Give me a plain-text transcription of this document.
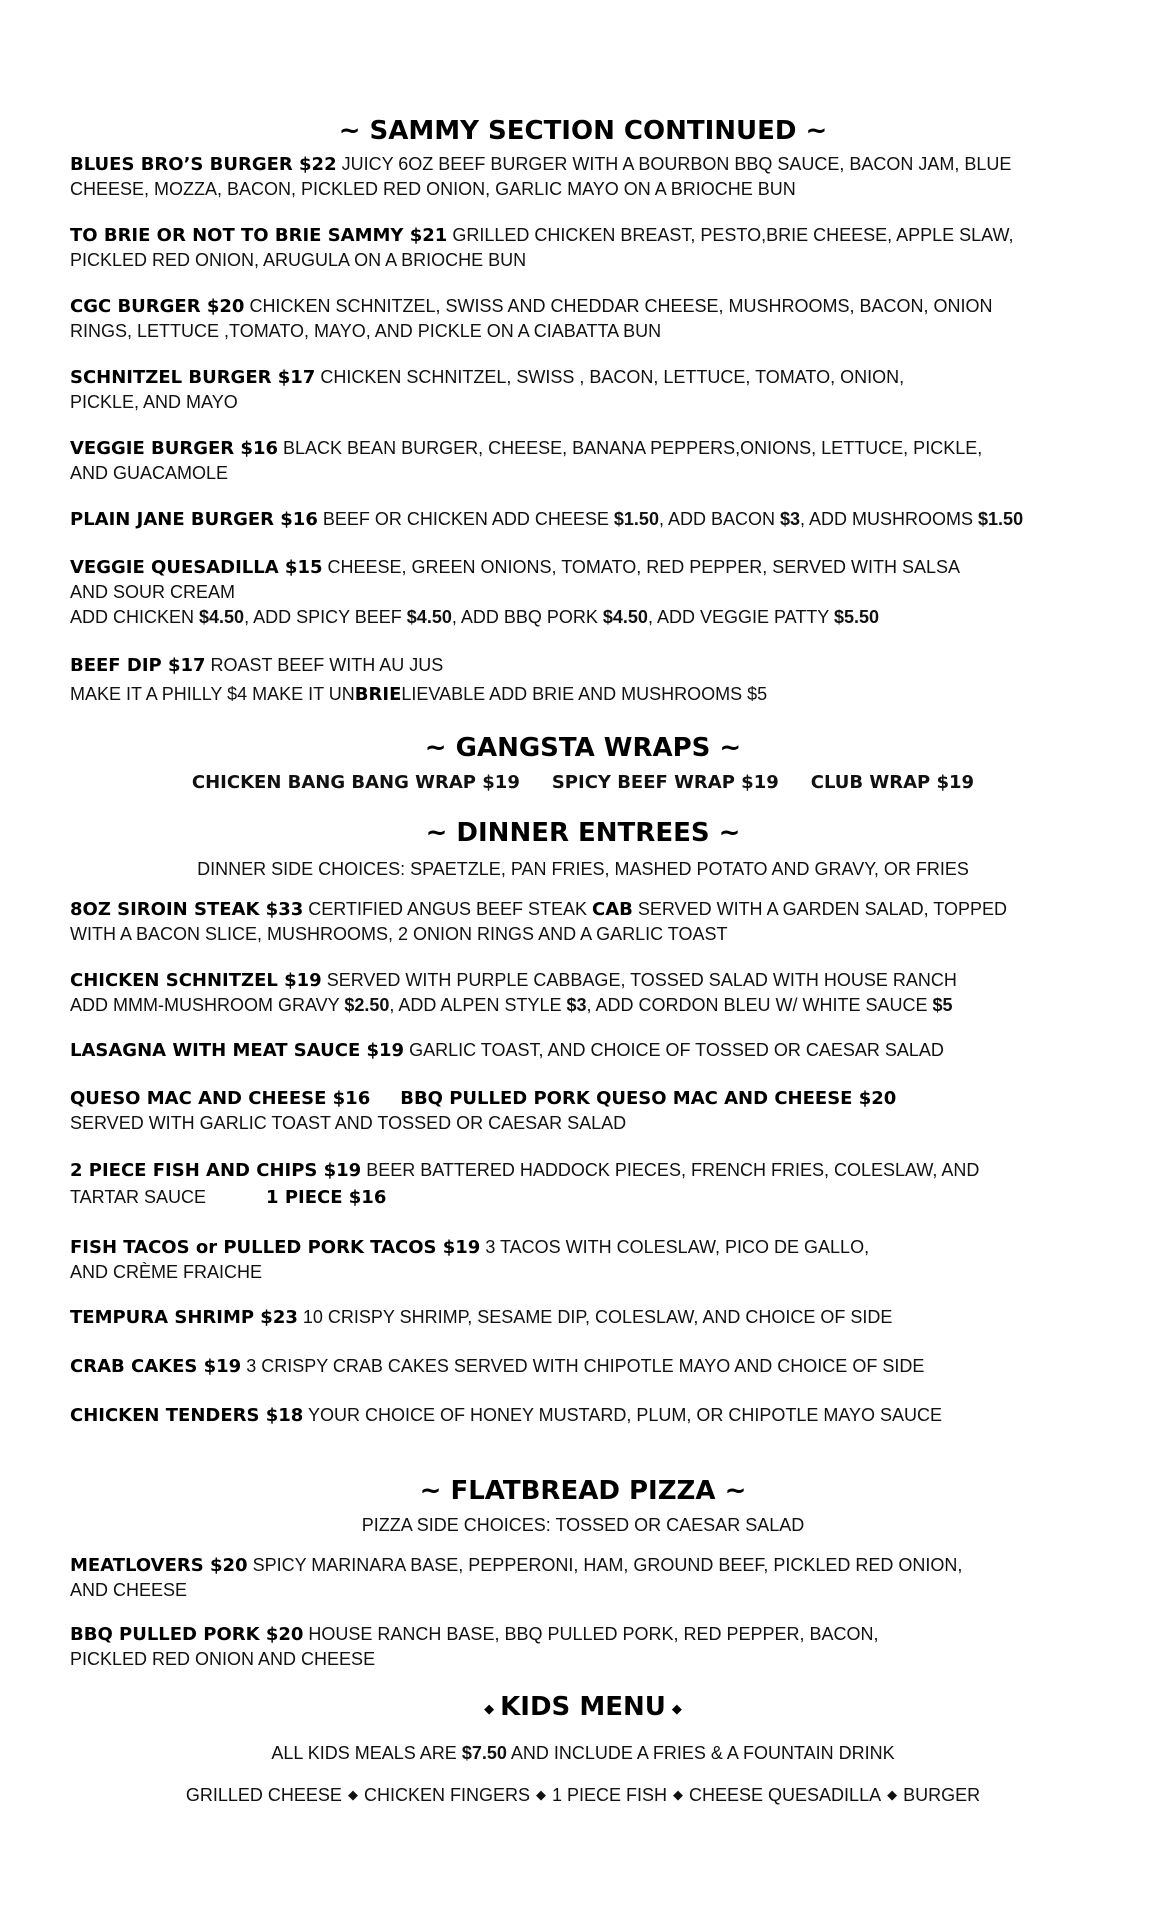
~ SAMMY SECTION CONTINUED ~
BLUES BRO’S BURGER $22 JUICY 6OZ BEEF BURGER WITH A BOURBON BBQ SAUCE, BACON JAM, BLUE
CHEESE, MOZZA, BACON, PICKLED RED ONION, GARLIC MAYO ON A BRIOCHE BUN
TO BRIE OR NOT TO BRIE SAMMY $21 GRILLED CHICKEN BREAST, PESTO,BRIE CHEESE, APPLE SLAW,
PICKLED RED ONION, ARUGULA ON A BRIOCHE BUN
CGC BURGER $20 CHICKEN SCHNITZEL, SWISS AND CHEDDAR CHEESE, MUSHROOMS, BACON, ONION
RINGS, LETTUCE ,TOMATO, MAYO, AND PICKLE ON A CIABATTA BUN
SCHNITZEL BURGER $17 CHICKEN SCHNITZEL, SWISS , BACON, LETTUCE, TOMATO, ONION,
PICKLE, AND MAYO
VEGGIE BURGER $16 BLACK BEAN BURGER, CHEESE, BANANA PEPPERS,ONIONS, LETTUCE, PICKLE,
AND GUACAMOLE
PLAIN JANE BURGER $16 BEEF OR CHICKEN ADD CHEESE $1.50, ADD BACON $3, ADD MUSHROOMS $1.50
VEGGIE QUESADILLA $15 CHEESE, GREEN ONIONS, TOMATO, RED PEPPER, SERVED WITH SALSA
AND SOUR CREAM
ADD CHICKEN $4.50, ADD SPICY BEEF $4.50, ADD BBQ PORK $4.50, ADD VEGGIE PATTY $5.50
BEEF DIP $17 ROAST BEEF WITH AU JUS
MAKE IT A PHILLY $4 MAKE IT UNBRIELIEVABLE ADD BRIE AND MUSHROOMS $5
~ GANGSTA WRAPS ~
CHICKEN BANG BANG WRAP $19 SPICY BEEF WRAP $19 CLUB WRAP $19
~ DINNER ENTREES ~
DINNER SIDE CHOICES: SPAETZLE, PAN FRIES, MASHED POTATO AND GRAVY, OR FRIES
8OZ SIROIN STEAK $33 CERTIFIED ANGUS BEEF STEAK CAB SERVED WITH A GARDEN SALAD, TOPPED
WITH A BACON SLICE, MUSHROOMS, 2 ONION RINGS AND A GARLIC TOAST
CHICKEN SCHNITZEL $19 SERVED WITH PURPLE CABBAGE, TOSSED SALAD WITH HOUSE RANCH
ADD MMM-MUSHROOM GRAVY $2.50, ADD ALPEN STYLE $3, ADD CORDON BLEU W/ WHITE SAUCE $5
LASAGNA WITH MEAT SAUCE $19 GARLIC TOAST, AND CHOICE OF TOSSED OR CAESAR SALAD
QUESO MAC AND CHEESE $16 BBQ PULLED PORK QUESO MAC AND CHEESE $20
SERVED WITH GARLIC TOAST AND TOSSED OR CAESAR SALAD
2 PIECE FISH AND CHIPS $19 BEER BATTERED HADDOCK PIECES, FRENCH FRIES, COLESLAW, AND
TARTAR SAUCE	1 PIECE $16
FISH TACOS or PULLED PORK TACOS $19 3 TACOS WITH COLESLAW, PICO DE GALLO,
AND CRÈME FRAICHE
TEMPURA SHRIMP $23 10 CRISPY SHRIMP, SESAME DIP, COLESLAW, AND CHOICE OF SIDE
CRAB CAKES $19 3 CRISPY CRAB CAKES SERVED WITH CHIPOTLE MAYO AND CHOICE OF SIDE
CHICKEN TENDERS $18 YOUR CHOICE OF HONEY MUSTARD, PLUM, OR CHIPOTLE MAYO SAUCE
~ FLATBREAD PIZZA ~
PIZZA SIDE CHOICES: TOSSED OR CAESAR SALAD
MEATLOVERS $20 SPICY MARINARA BASE, PEPPERONI, HAM, GROUND BEEF, PICKLED RED ONION,
AND CHEESE
BBQ PULLED PORK $20 HOUSE RANCH BASE, BBQ PULLED PORK, RED PEPPER, BACON,
PICKLED RED ONION AND CHEESE
◆ KIDS MENU ◆
ALL KIDS MEALS ARE $7.50 AND INCLUDE A FRIES & A FOUNTAIN DRINK
GRILLED CHEESE ◆ CHICKEN FINGERS ◆ 1 PIECE FISH ◆ CHEESE QUESADILLA ◆ BURGER
